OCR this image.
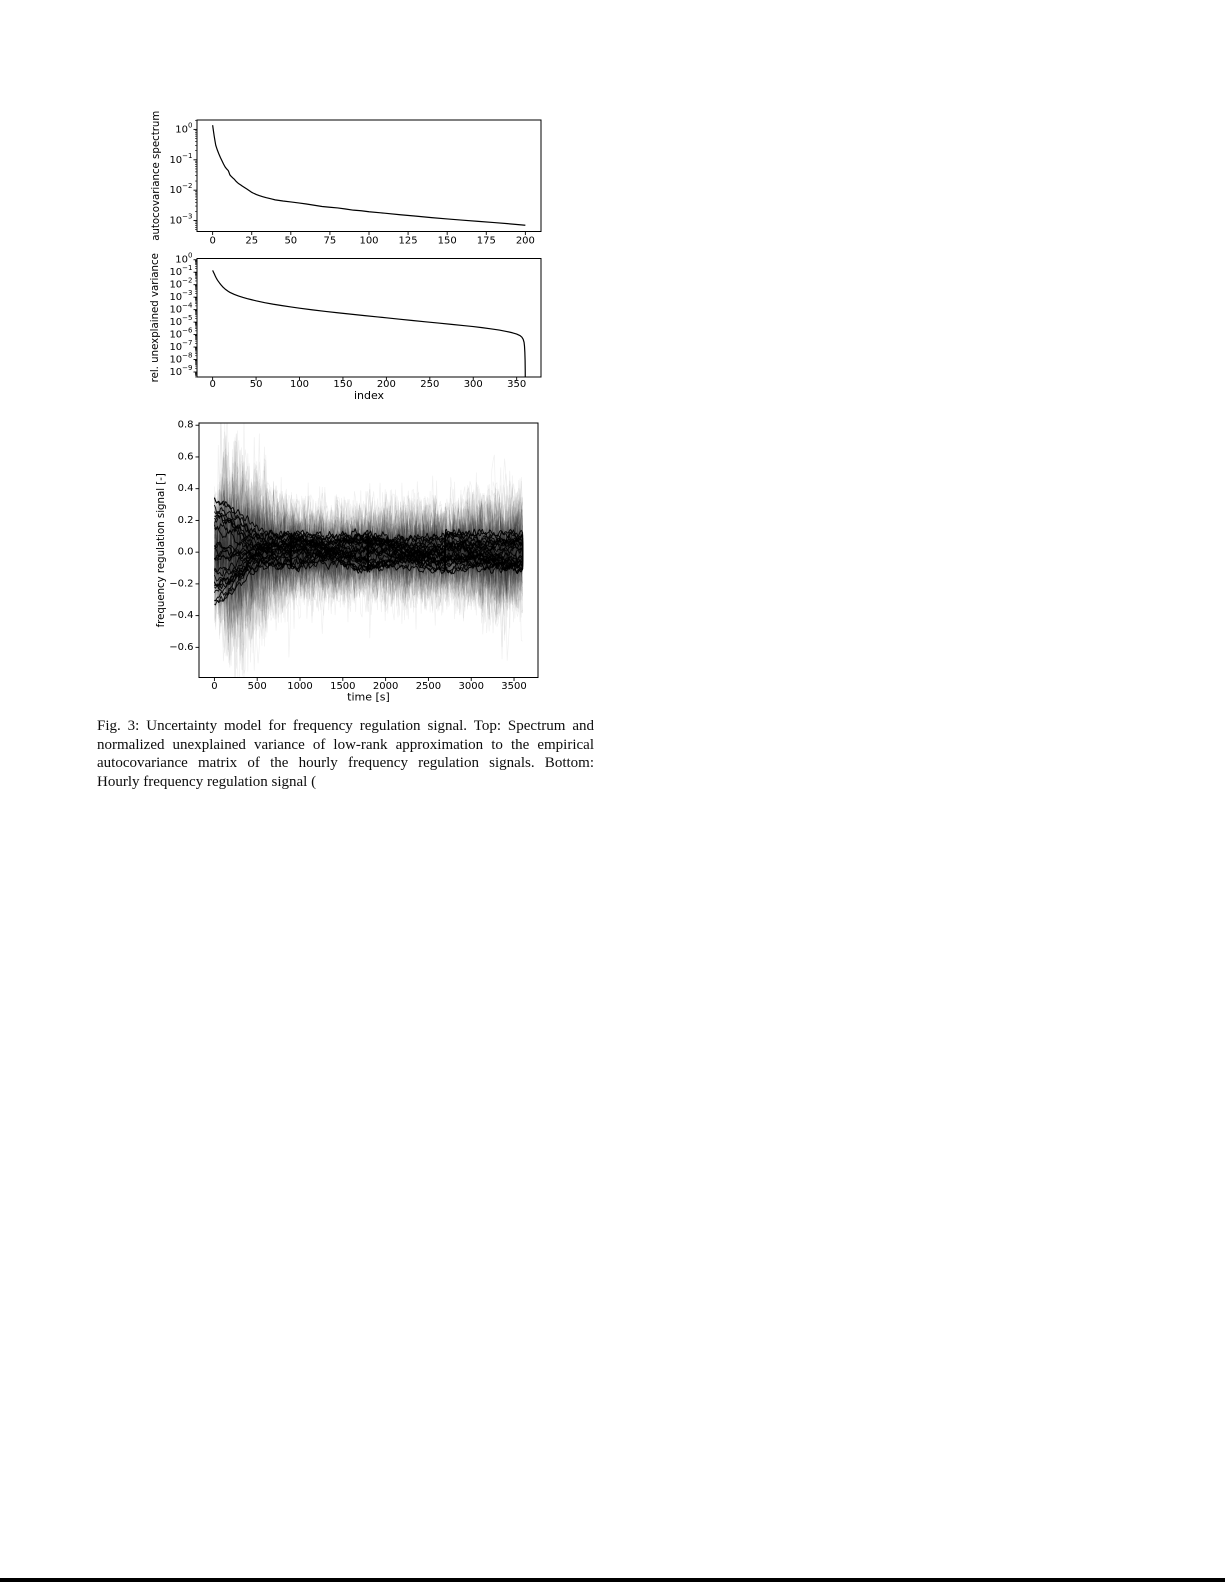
0	25	50	75 100 125 150 175 200
$10^0$
$10^{-1}$
$10^{-2}$
$10^{-3}$
autocovariance spectrum
0	50	100 150 200 250 300 350
$10^0$
$10^{-1}$
$10^{-2}$
$10^{-3}$
$10^{-4}$
$10^{-5}$
$10^{-6}$
$10^{-7}$
$10^{-8}$
$10^{-9}$
rel. unexplained variance
index
0	500 1000 1500 2000 2500 3000 3500
−0.6
−0.4
−0.2
0.0
0.2
0.4
0.6
0.8
frequency regulation signal [-]
time [s]
Fig. 3: Uncertainty model for frequency regulation signal. Top: Spectrum and
normalized unexplained variance of low-rank approximation to the empirical
autocovariance matrix of the hourly frequency regulation signals. Bottom:
Hourly frequency regulation signal (
